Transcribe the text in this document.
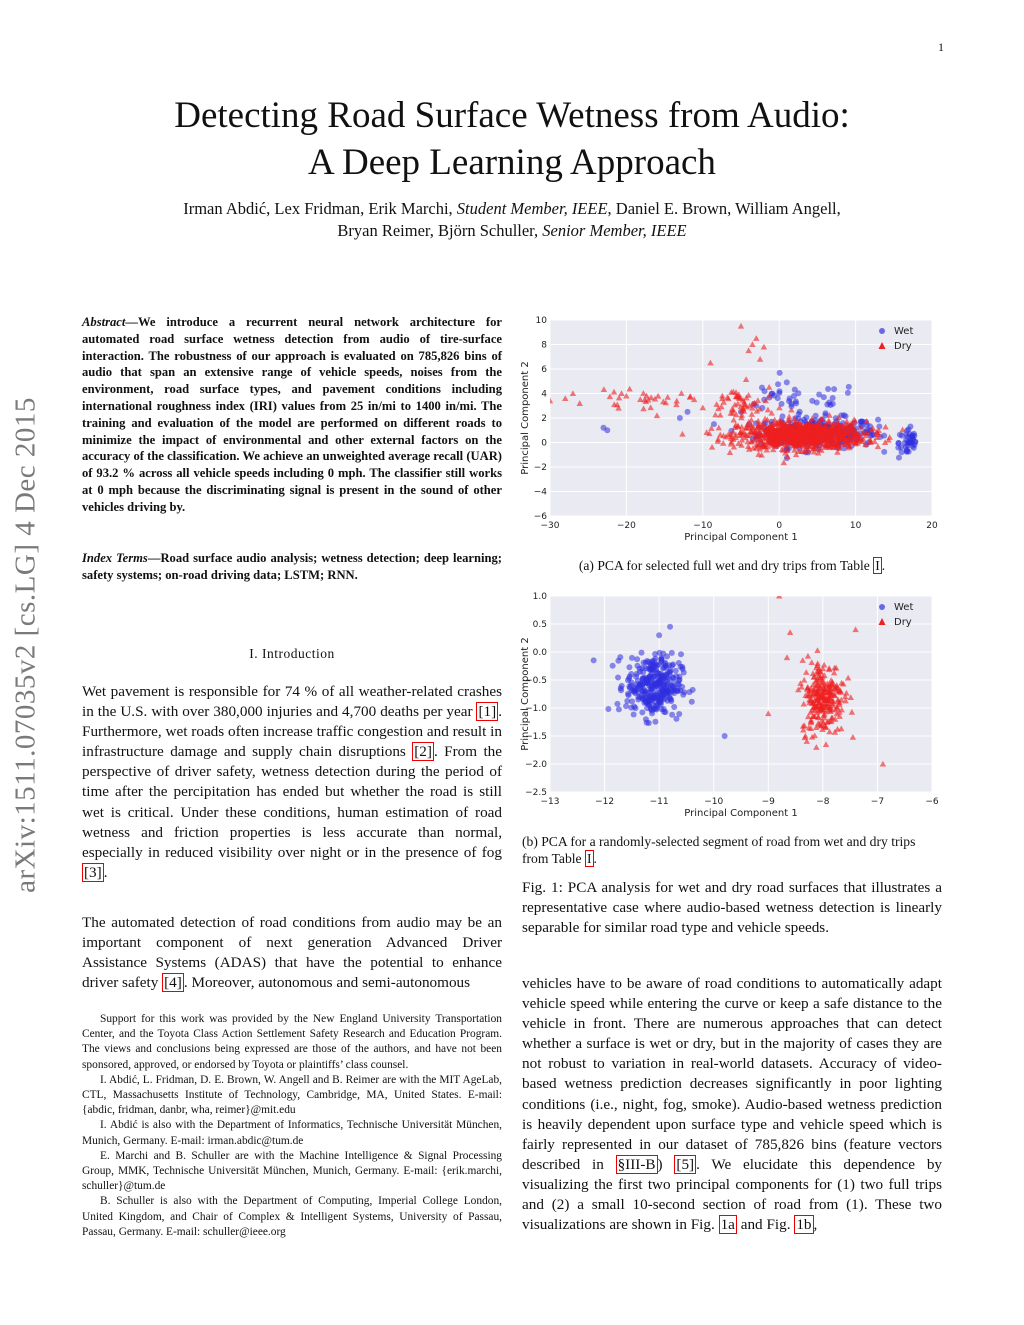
1
arXiv:1511.07035v2 [cs.LG] 4 Dec 2015
Detecting Road Surface Wetness from Audio:
A Deep Learning Approach
Irman Abdić, Lex Fridman, Erik Marchi, Student Member, IEEE, Daniel E. Brown, William Angell,
Bryan Reimer, Björn Schuller, Senior Member, IEEE
Abstract—We introduce a recurrent neural network architecture for automated road surface wetness detection from audio of tire-surface interaction. The robustness of our approach is evaluated on 785,826 bins of audio that span an extensive range of vehicle speeds, noises from the environment, road surface types, and pavement conditions including international roughness index (IRI) values from 25 in/mi to 1400 in/mi. The training and evaluation of the model are performed on different roads to minimize the impact of environmental and other external factors on the accuracy of the classification. We achieve an unweighted average recall (UAR) of 93.2 % across all vehicle speeds including 0 mph. The classifier still works at 0 mph because the discriminating signal is present in the sound of other vehicles driving by.
Index Terms—Road surface audio analysis; wetness detection; deep learning; safety systems; on-road driving data; LSTM; RNN.
I. Introduction
Wet pavement is responsible for 74 % of all weather-related crashes in the U.S. with over 380,000 injuries and 4,700 deaths per year [1] . Furthermore, wet roads often increase traffic congestion and result in infrastructure damage and supply chain disruptions [2] . From the perspective of driver safety, wetness detection during the period of time after the percipitation has ended but whether the road is still wet is critical. Under these conditions, human estimation of road wetness and friction properties is less accurate than normal, especially in reduced visibility over night or in the presence of fog [3] .
The automated detection of road conditions from audio may be an important component of next generation Advanced Driver Assistance Systems (ADAS) that have the potential to enhance driver safety [4] . Moreover, autonomous and semi-autonomous

Support for this work was provided by the New England University Transportation Center, and the Toyota Class Action Settlement Safety Research and Education Program. The views and conclusions being expressed are those of the authors, and have not been sponsored, approved, or endorsed by Toyota or plaintiffs’ class counsel.

I. Abdić, L. Fridman, D. E. Brown, W. Angell and B. Reimer are with the MIT AgeLab, CTL, Massachusetts Institute of Technology, Cambridge, MA, United States. E-mail: {abdic, fridman, danbr, wha, reimer}@mit.edu

I. Abdić is also with the Department of Informatics, Technische Universität München, Munich, Germany. E-mail: irman.abdic@tum.de

E. Marchi and B. Schuller are with the Machine Intelligence & Signal Processing Group, MMK, Technische Universität München, Munich, Germany. E-mail: {erik.marchi, schuller}@tum.de

B. Schuller is also with the Department of Computing, Imperial College London, United Kingdom, and Chair of Complex & Intelligent Systems, University of Passau, Passau, Germany. E-mail: schuller@ieee.org

−30	−20	−10	0	10	20
−6
−4
−2
0
2
4
6
8
10
Principal Component 1
Principal Component 2
Wet
Dry
(a) PCA for selected full wet and dry trips from Table I .
−13	−12	−11	−10	−9	−8	−7	−6
−2.5
−2.0
−1.5
−1.0
−0.5
0.0
0.5
1.0
Principal Component 1
Principal Component 2
Wet
Dry
(b) PCA for a randomly-selected segment of road from wet and dry trips from Table I .
Fig. 1: PCA analysis for wet and dry road surfaces that illustrates a representative case where audio-based wetness detection is linearly separable for similar road type and vehicle speeds.
vehicles have to be aware of road conditions to automatically adapt vehicle speed while entering the curve or keep a safe distance to the vehicle in front. There are numerous approaches that can detect whether a surface is wet or dry, but in the majority of cases they are not robust to variation in real-world datasets. Accuracy of video-based wetness prediction decreases significantly in poor lighting conditions (i.e., night, fog, smoke). Audio-based wetness prediction is heavily dependent upon surface type and vehicle speed which is fairly represented in our dataset of 785,826 bins (feature vectors described in §III-B ) [5] . We elucidate this dependence by visualizing the first two principal components for (1) two full trips and (2) a small 10-second section of road from (1). These two visualizations are shown in Fig. 1a and Fig. 1b ,
